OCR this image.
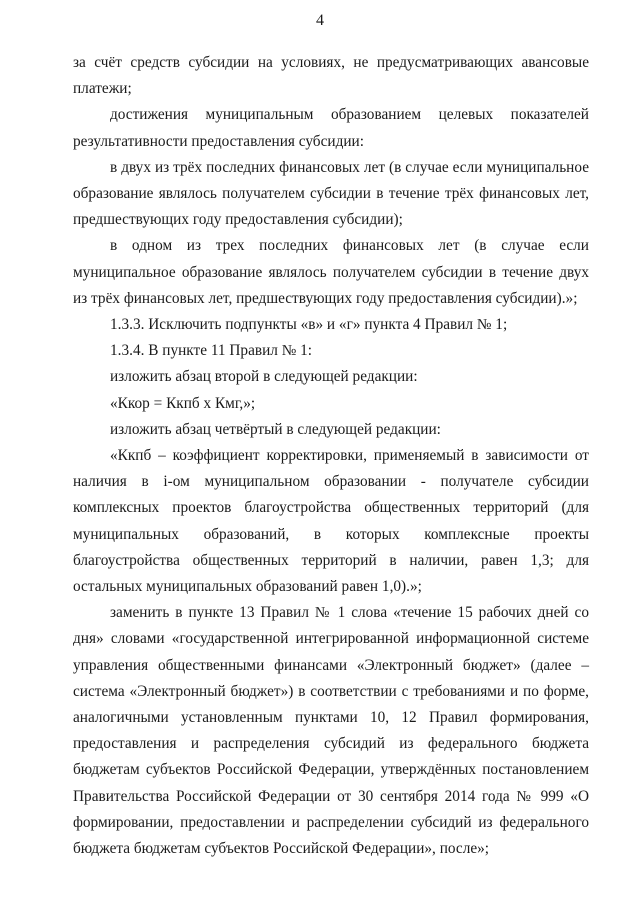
4

за счёт средств субсидии на условиях, не предусматривающих авансовые платежи;

достижения муниципальным образованием целевых показателей результативности предоставления субсидии:

в двух из трёх последних финансовых лет (в случае если муниципальное образование являлось получателем субсидии в течение трёх финансовых лет, предшествующих году предоставления субсидии);

в одном из трех последних финансовых лет (в случае если муниципальное образование являлось получателем субсидии в течение двух из трёх финансовых лет, предшествующих году предоставления субсидии).»;

1.3.3. Исключить подпункты «в» и «г» пункта 4 Правил № 1;

1.3.4. В пункте 11 Правил № 1:

изложить абзац второй в следующей редакции:

«Ккор = Ккпб х Кмг,»;

изложить абзац четвёртый в следующей редакции:

«Ккпб – коэффициент корректировки, применяемый в зависимости от наличия в i-ом муниципальном образовании - получателе субсидии комплексных проектов благоустройства общественных территорий (для муниципальных образований, в которых комплексные проекты благоустройства общественных территорий в наличии, равен 1,3; для остальных муниципальных образований равен 1,0).»;

заменить в пункте 13 Правил № 1 слова «течение 15 рабочих дней со дня» словами «государственной интегрированной информационной системе управления общественными финансами «Электронный бюджет» (далее – система «Электронный бюджет») в соответствии с требованиями и по форме, аналогичными установленным пунктами 10, 12 Правил формирования, предоставления и распределения субсидий из федерального бюджета бюджетам субъектов Российской Федерации, утверждённых постановлением Правительства Российской Федерации от 30 сентября 2014 года № 999 «О формировании, предоставлении и распределении субсидий из федерального бюджета бюджетам субъектов Российской Федерации», после»;
